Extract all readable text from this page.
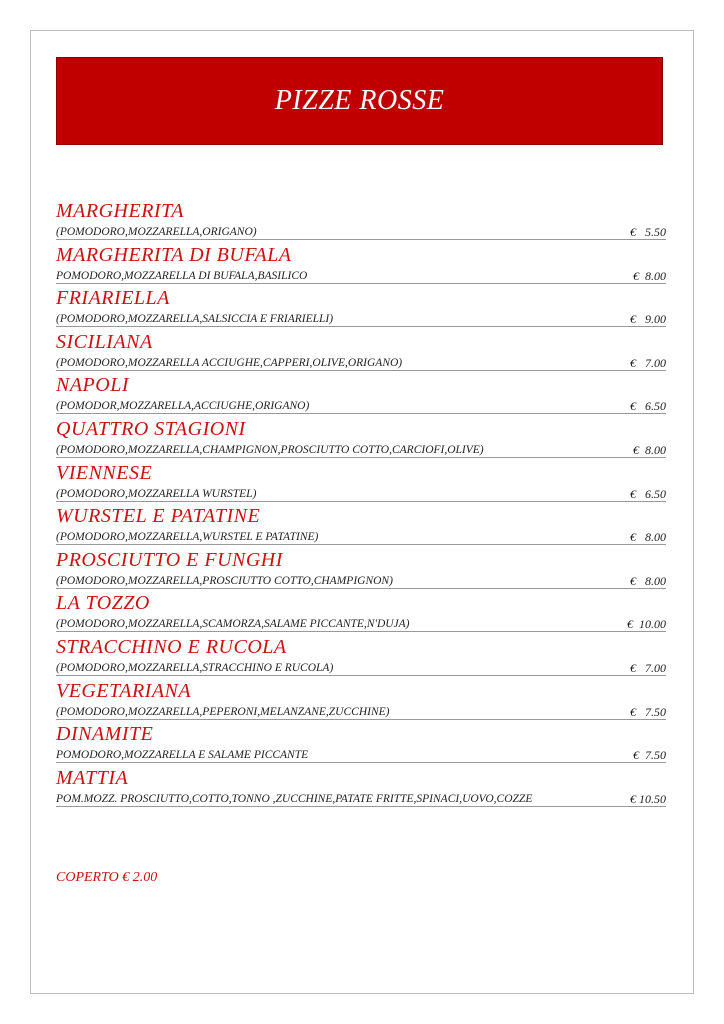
PIZZE ROSSE
MARGHERITA
(POMODORO,MOZZARELLA,ORIGANO)	€   5.50
MARGHERITA DI BUFALA
POMODORO,MOZZARELLA DI BUFALA,BASILICO	€  8.00
FRIARIELLA
(POMODORO,MOZZARELLA,SALSICCIA E FRIARIELLI)	€   9.00
SICILIANA
(POMODORO,MOZZARELLA ACCIUGHE,CAPPERI,OLIVE,ORIGANO)	€   7.00
NAPOLI
(POMODOR,MOZZARELLA,ACCIUGHE,ORIGANO)	€   6.50
QUATTRO STAGIONI
(POMODORO,MOZZARELLA,CHAMPIGNON,PROSCIUTTO COTTO,CARCIOFI,OLIVE)	€  8.00
VIENNESE
(POMODORO,MOZZARELLA WURSTEL)	€   6.50
WURSTEL E PATATINE
(POMODORO,MOZZARELLA,WURSTEL E PATATINE)	€   8.00
PROSCIUTTO E FUNGHI
(POMODORO,MOZZARELLA,PROSCIUTTO COTTO,CHAMPIGNON)	€   8.00
LA TOZZO
(POMODORO,MOZZARELLA,SCAMORZA,SALAME PICCANTE,N'DUJA)	€  10.00
STRACCHINO E RUCOLA
(POMODORO,MOZZARELLA,STRACCHINO E RUCOLA)	€   7.00
VEGETARIANA
(POMODORO,MOZZARELLA,PEPERONI,MELANZANE,ZUCCHINE)	€   7.50
DINAMITE
POMODORO,MOZZARELLA E SALAME PICCANTE	€  7.50
MATTIA
POM.MOZZ. PROSCIUTTO,COTTO,TONNO ,ZUCCHINE,PATATE FRITTE,SPINACI,UOVO,COZZE	€ 10.50
COPERTO € 2.00
